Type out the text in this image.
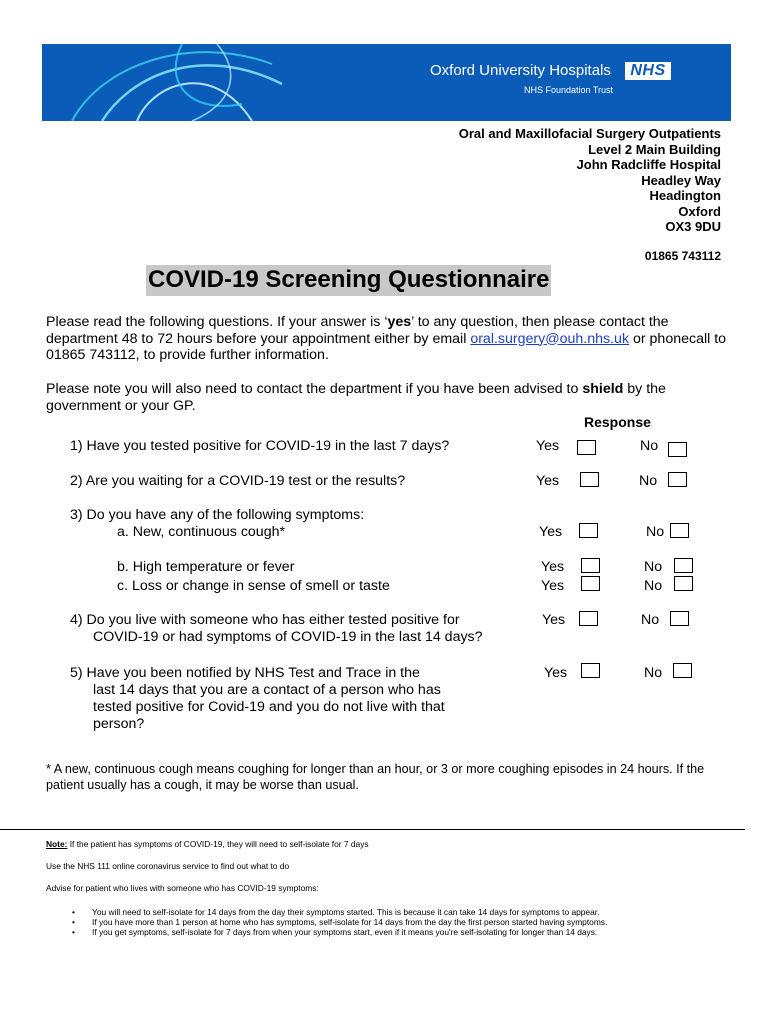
Oxford University Hospitals	NHS
NHS Foundation Trust
Oral and Maxillofacial Surgery Outpatients
Level 2 Main Building
John Radcliffe Hospital
Headley Way
Headington
Oxford
OX3 9DU
01865 743112
COVID-19 Screening Questionnaire
Please read the following questions. If your answer is ‘yes’ to any question, then please contact the department 48 to 72 hours before your appointment either by email oral.surgery@ouh.nhs.uk or phonecall to 01865 743112, to provide further information.
Please note you will also need to contact the department if you have been advised to shield by the government or your GP.
Response
1) Have you tested positive for COVID-19 in the last 7 days?	Yes	No
2) Are you waiting for a COVID-19 test or the results?	Yes	No
3) Do you have any of the following symptoms:
a. New, continuous cough*	Yes	No
b. High temperature or fever	Yes	No
c. Loss or change in sense of smell or taste	Yes	No
4) Do you live with someone who has either tested positive for
COVID-19 or had symptoms of COVID-19 in the last 14 days?
Yes	No
5) Have you been notified by NHS Test and Trace in the
last 14 days that you are a contact of a person who has
tested positive for Covid-19 and you do not live with that
person?
Yes	No
* A new, continuous cough means coughing for longer than an hour, or 3 or more coughing episodes in 24 hours. If the patient usually has a cough, it may be worse than usual.
Note: If the patient has symptoms of COVID-19, they will need to self-isolate for 7 days
Use the NHS 111 online coronavirus service to find out what to do
Advise for patient who lives with someone who has COVID-19 symptoms:
• You will need to self-isolate for 14 days from the day their symptoms started. This is because it can take 14 days for symptoms to appear.
• If you have more than 1 person at home who has symptoms, self-isolate for 14 days from the day the first person started having symptoms.
• If you get symptoms, self-isolate for 7 days from when your symptoms start, even if it means you're self-isolating for longer than 14 days.
